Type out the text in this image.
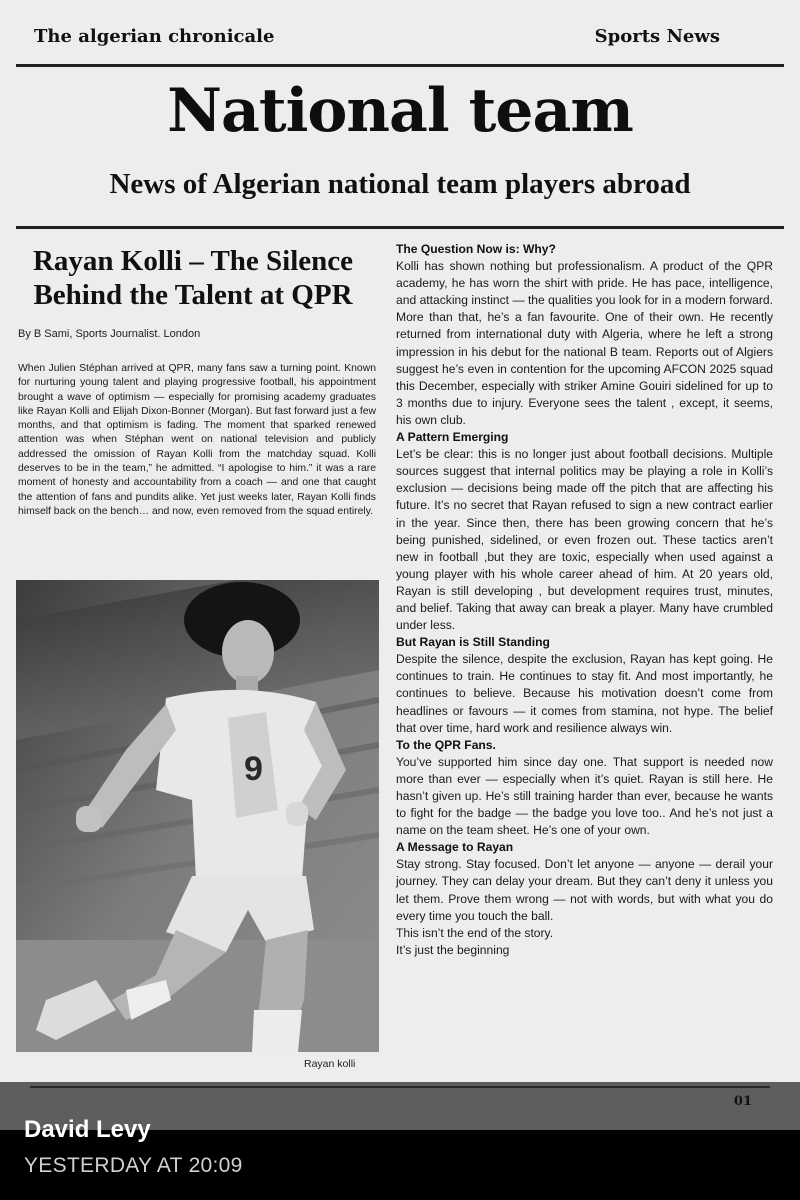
The algerian chronicale	Sports News
National team
News of Algerian national team players abroad
Rayan Kolli – The Silence Behind the Talent at QPR
By B Sami, Sports Journalist. London
When Julien Stéphan arrived at QPR, many fans saw a turning point. Known for nurturing young talent and playing progressive football, his appointment brought a wave of optimism — especially for promising academy graduates like Rayan Kolli and Elijah Dixon-Bonner (Morgan). But fast forward just a few months, and that optimism is fading. The moment that sparked renewed attention was when Stéphan went on national television and publicly addressed the omission of Rayan Kolli from the matchday squad. Kolli deserves to be in the team,” he admitted. “I apologise to him.” it was a rare moment of honesty and accountability from a coach — and one that caught the attention of fans and pundits alike. Yet just weeks later, Rayan Kolli finds himself back on the bench… and now, even removed from the squad entirely.
9
Rayan kolli
The Question Now is: Why?

Kolli has shown nothing but professionalism. A product of the QPR academy, he has worn the shirt with pride. He has pace, intelligence, and attacking instinct — the qualities you look for in a modern forward. More than that, he’s a fan favourite. One of their own. He recently returned from international duty with Algeria, where he left a strong impression in his debut for the national B team. Reports out of Algiers suggest he’s even in contention for the upcoming AFCON 2025 squad this December, especially with striker Amine Gouiri sidelined for up to 3 months due to injury. Everyone sees the talent , except, it seems, his own club.

A Pattern Emerging

Let’s be clear: this is no longer just about football decisions. Multiple sources suggest that internal politics may be playing a role in Kolli’s exclusion — decisions being made off the pitch that are affecting his future. It’s no secret that Rayan refused to sign a new contract earlier in the year. Since then, there has been growing concern that he’s being punished, sidelined, or even frozen out. These tactics aren’t new in football ,but they are toxic, especially when used against a young player with his whole career ahead of him. At 20 years old, Rayan is still developing , but development requires trust, minutes, and belief. Taking that away can break a player. Many have crumbled under less.

But Rayan is Still Standing

Despite the silence, despite the exclusion, Rayan has kept going. He continues to train. He continues to stay fit. And most importantly, he continues to believe. Because his motivation doesn’t come from headlines or favours — it comes from stamina, not hype. The belief that over time, hard work and resilience always win.

To the QPR Fans.

You’ve supported him since day one. That support is needed now more than ever — especially when it’s quiet. Rayan is still here. He hasn’t given up. He’s still training harder than ever, because he wants to fight for the badge — the badge you love too.. And he’s not just a name on the team sheet. He’s one of your own.

A Message to Rayan

Stay strong. Stay focused. Don’t let anyone — anyone — derail your journey. They can delay your dream. But they can’t deny it unless you let them. Prove them wrong — not with words, but with what you do every time you touch the ball.

This isn’t the end of the story.

It’s just the beginning

01
David Levy
YESTERDAY AT 20:09
